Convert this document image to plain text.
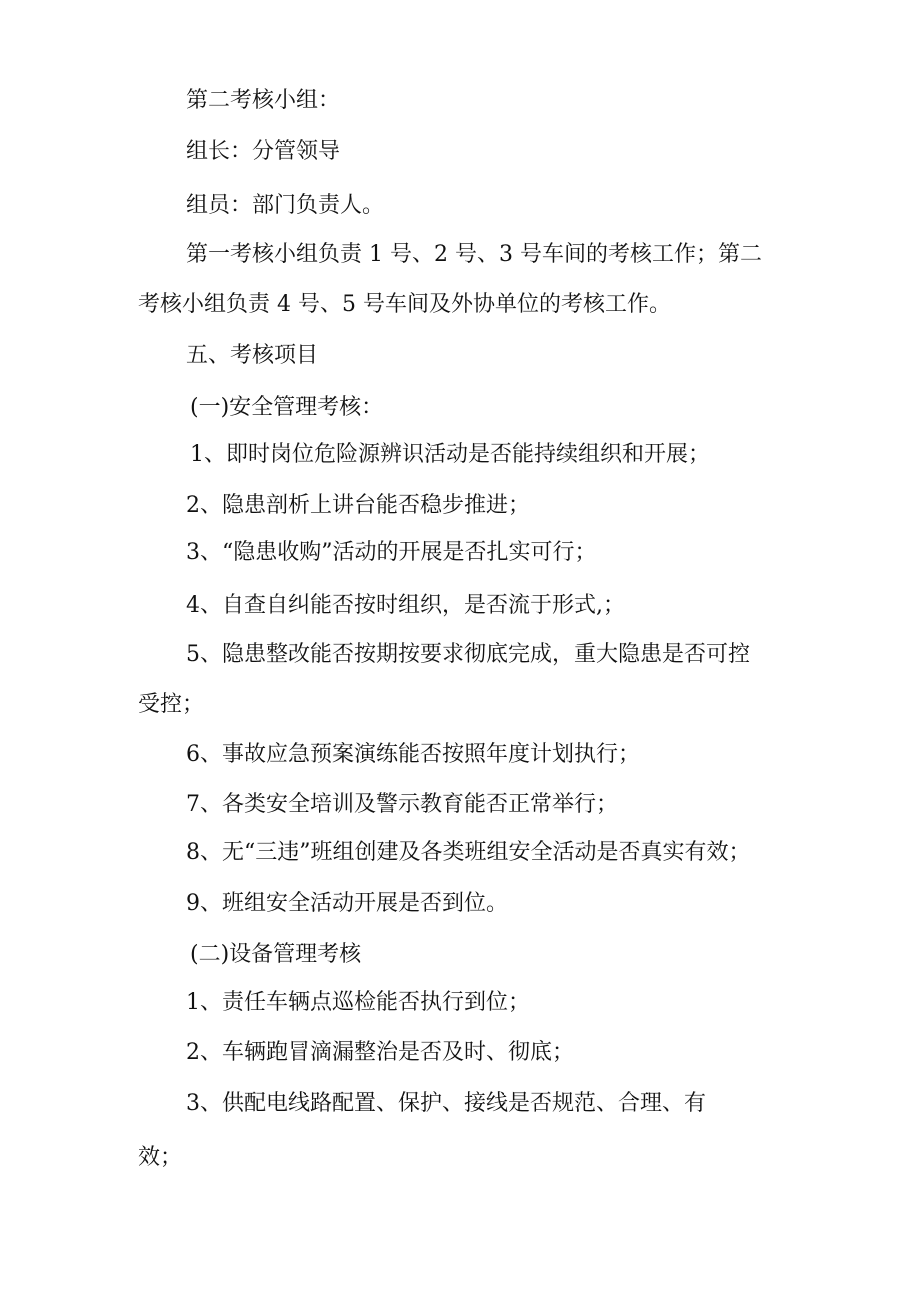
第二考核小组：
组长：分管领导
组员：部门负责人。
第一考核小组负责 1 号、2 号、3 号车间的考核工作；第二
考核小组负责 4 号、5 号车间及外协单位的考核工作。
五、考核项目
(一)安全管理考核：
1、即时岗位危险源辨识活动是否能持续组织和开展；
2、隐患剖析上讲台能否稳步推进；
3、“隐患收购”活动的开展是否扎实可行；
4、自查自纠能否按时组织，是否流于形式,；
5、隐患整改能否按期按要求彻底完成，重大隐患是否可控
受控；
6、事故应急预案演练能否按照年度计划执行；
7、各类安全培训及警示教育能否正常举行；
8、无“三违”班组创建及各类班组安全活动是否真实有效；
9、班组安全活动开展是否到位。
(二)设备管理考核
1、责任车辆点巡检能否执行到位；
2、车辆跑冒滴漏整治是否及时、彻底；
3、供配电线路配置、保护、接线是否规范、合理、有
效；
